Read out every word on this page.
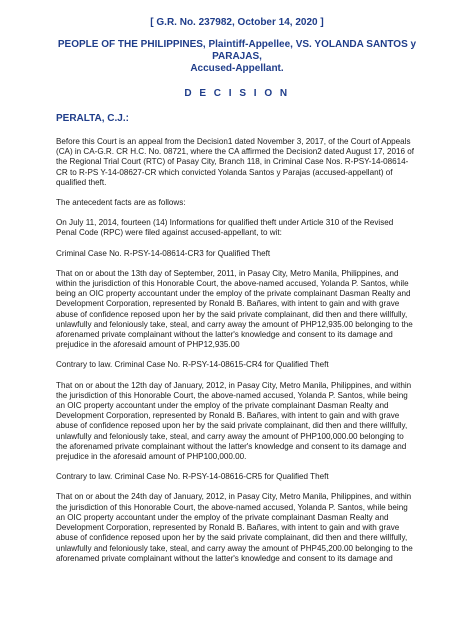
[ G.R. No. 237982, October 14, 2020 ]
PEOPLE OF THE PHILIPPINES, Plaintiff-Appellee, VS. YOLANDA SANTOS y PARAJAS,
Accused-Appellant.
D E C I S I O N
PERALTA, C.J.:
Before this Court is an appeal from the Decision1 dated November 3, 2017, of the Court of Appeals
(CA) in CA-G.R. CR H.C. No. 08721, where the CA affirmed the Decision2 dated August 17, 2016 of
the Regional Trial Court (RTC) of Pasay City, Branch 118, in Criminal Case Nos. R-PSY-14-08614-
CR to R-PS Y-14-08627-CR which convicted Yolanda Santos y Parajas (accused-appellant) of
qualified theft.
The antecedent facts are as follows:
On July 11, 2014, fourteen (14) Informations for qualified theft under Article 310 of the Revised
Penal Code (RPC) were filed against accused-appellant, to wit:
Criminal Case No. R-PSY-14-08614-CR3 for Qualified Theft
That on or about the 13th day of September, 2011, in Pasay City, Metro Manila, Philippines, and
within the jurisdiction of this Honorable Court, the above-named accused, Yolanda P. Santos, while
being an OIC property accountant under the employ of the private complainant Dasman Realty and
Development Corporation, represented by Ronald B. Bañares, with intent to gain and with grave
abuse of confidence reposed upon her by the said private complainant, did then and there willfully,
unlawfully and feloniously take, steal, and carry away the amount of PHP12,935.00 belonging to the
aforenamed private complainant without the latter's knowledge and consent to its damage and
prejudice in the aforesaid amount of PHP12,935.00
Contrary to law. Criminal Case No. R-PSY-14-08615-CR4 for Qualified Theft
That on or about the 12th day of January, 2012, in Pasay City, Metro Manila, Philippines, and within
the jurisdiction of this Honorable Court, the above-named accused, Yolanda P. Santos, while being
an OIC property accountant under the employ of the private complainant Dasman Realty and
Development Corporation, represented by Ronald B. Bañares, with intent to gain and with grave
abuse of confidence reposed upon her by the said private complainant, did then and there willfully,
unlawfully and feloniously take, steal, and carry away the amount of PHP100,000.00 belonging to
the aforenamed private complainant without the latter's knowledge and consent to its damage and
prejudice in the aforesaid amount of PHP100,000.00.
Contrary to law. Criminal Case No. R-PSY-14-08616-CR5 for Qualified Theft
That on or about the 24th day of January, 2012, in Pasay City, Metro Manila, Philippines, and within
the jurisdiction of this Honorable Court, the above-named accused, Yolanda P. Santos, while being
an OIC property accountant under the employ of the private complainant Dasman Realty and
Development Corporation, represented by Ronald B. Bañares, with intent to gain and with grave
abuse of confidence reposed upon her by the said private complainant, did then and there willfully,
unlawfully and feloniously take, steal, and carry away the amount of PHP45,200.00 belonging to the
aforenamed private complainant without the latter's knowledge and consent to its damage and
